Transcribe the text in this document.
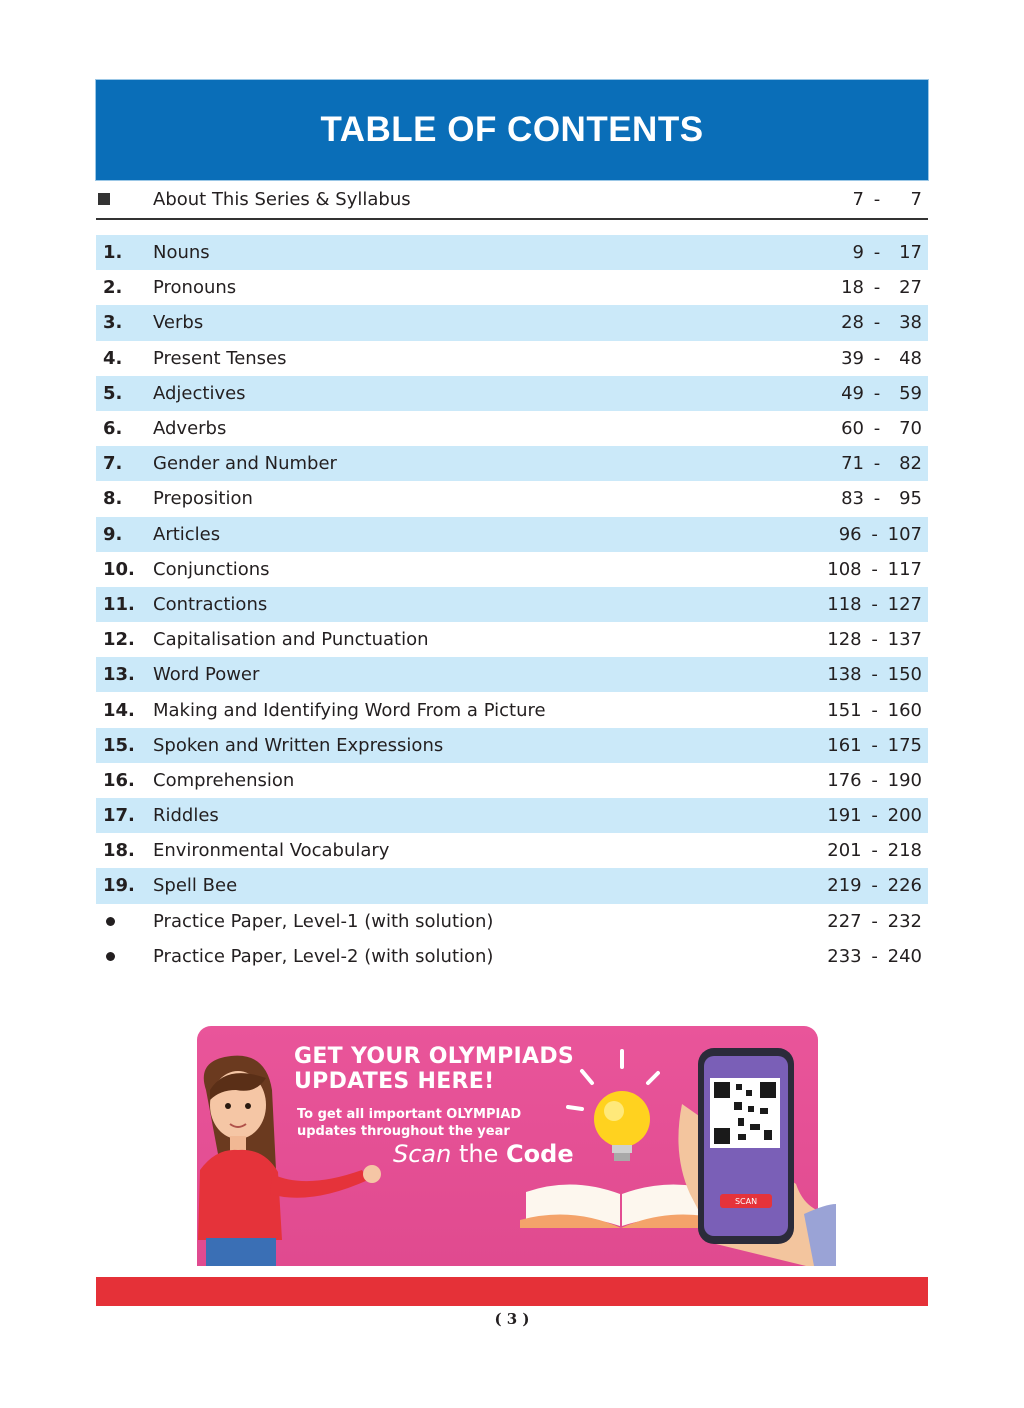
TABLE OF CONTENTS
About This Series & Syllabus	7 -	7
1. Nouns	9 -	17
2. Pronouns	18 -	27
3. Verbs	28 -	38
4. Present Tenses	39 -	48
5. Adjectives	49 -	59
6. Adverbs	60 -	70
7. Gender and Number	71 -	82
8. Preposition	83 -	95
9. Articles	96 - 107
10. Conjunctions	108 - 117
11. Contractions	118 - 127
12. Capitalisation and Punctuation	128 - 137
13. Word Power	138 - 150
14. Making and Identifying Word From a Picture	151 - 160
15. Spoken and Written Expressions	161 - 175
16. Comprehension	176 - 190
17. Riddles	191 - 200
18. Environmental Vocabulary	201 - 218
19. Spell Bee	219 - 226
Practice Paper, Level-1 (with solution)	227 - 232
Practice Paper, Level-2 (with solution)	233 - 240
GET YOUR OLYMPIADS
UPDATES HERE!
To get all important OLYMPIAD
updates throughout the year
Scan the Code
SCAN
( 3 )
